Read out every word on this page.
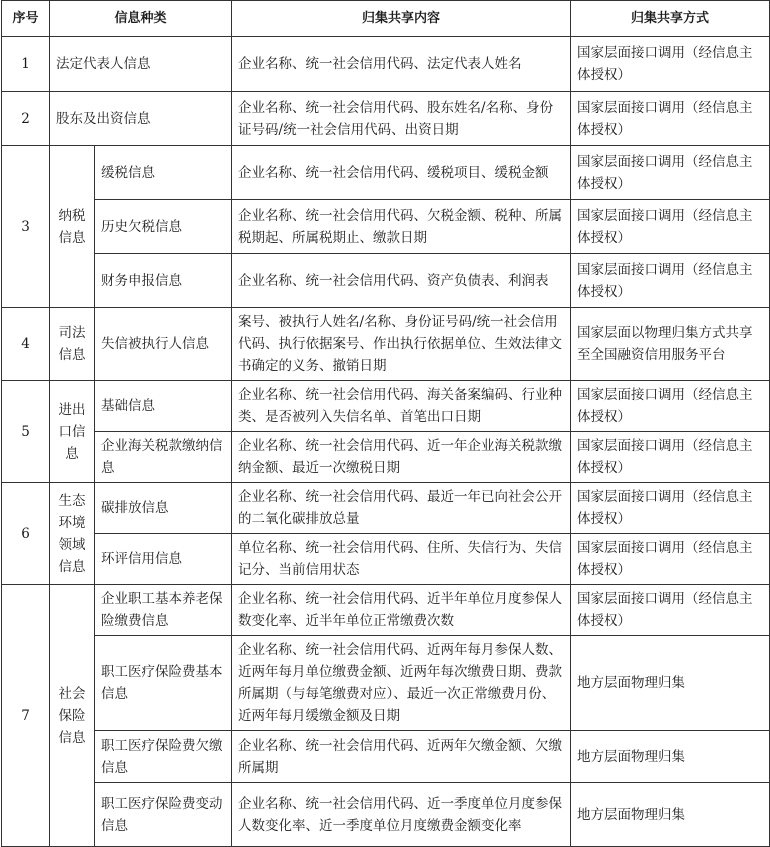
序号	信息种类		归集共享内容	归集共享方式
1	法定代表人信息		企业名称、统一社会信用代码、法定代表人姓名	国家层面接口调用（经信息主体授权）
2	股东及出资信息		企业名称、统一社会信用代码、股东姓名/名称、身份证号码/统一社会信用代码、出资日期	国家层面接口调用（经信息主体授权）
3	纳税信息	缓税信息	企业名称、统一社会信用代码、缓税项目、缓税金额	国家层面接口调用（经信息主体授权）
		历史欠税信息	企业名称、统一社会信用代码、欠税金额、税种、所属税期起、所属税期止、缴款日期	国家层面接口调用（经信息主体授权）
		财务申报信息	企业名称、统一社会信用代码、资产负债表、利润表	国家层面接口调用（经信息主体授权）
4	司法信息	失信被执行人信息	案号、被执行人姓名/名称、身份证号码/统一社会信用代码、执行依据案号、作出执行依据单位、生效法律文书确定的义务、撤销日期	国家层面以物理归集方式共享至全国融资信用服务平台
5	进出口信息	基础信息	企业名称、统一社会信用代码、海关备案编码、行业种类、是否被列入失信名单、首笔出口日期	国家层面接口调用（经信息主体授权）
		企业海关税款缴纳信息	企业名称、统一社会信用代码、近一年企业海关税款缴纳金额、最近一次缴税日期	国家层面接口调用（经信息主体授权）
6	生态环境领域信息	碳排放信息	企业名称、统一社会信用代码、最近一年已向社会公开的二氧化碳排放总量	国家层面接口调用（经信息主体授权）
		环评信用信息	单位名称、统一社会信用代码、住所、失信行为、失信记分、当前信用状态	国家层面接口调用（经信息主体授权）
7	社会保险信息	企业职工基本养老保险缴费信息	企业名称、统一社会信用代码、近半年单位月度参保人数变化率、近半年单位正常缴费次数	国家层面接口调用（经信息主体授权）
		职工医疗保险费基本信息	企业名称、统一社会信用代码、近两年每月参保人数、近两年每月单位缴费金额、近两年每次缴费日期、费款所属期（与每笔缴费对应）、最近一次正常缴费月份、近两年每月缓缴金额及日期	地方层面物理归集
		职工医疗保险费欠缴信息	企业名称、统一社会信用代码、近两年欠缴金额、欠缴所属期	地方层面物理归集
		职工医疗保险费变动信息	企业名称、统一社会信用代码、近一季度单位月度参保人数变化率、近一季度单位月度缴费金额变化率	地方层面物理归集
